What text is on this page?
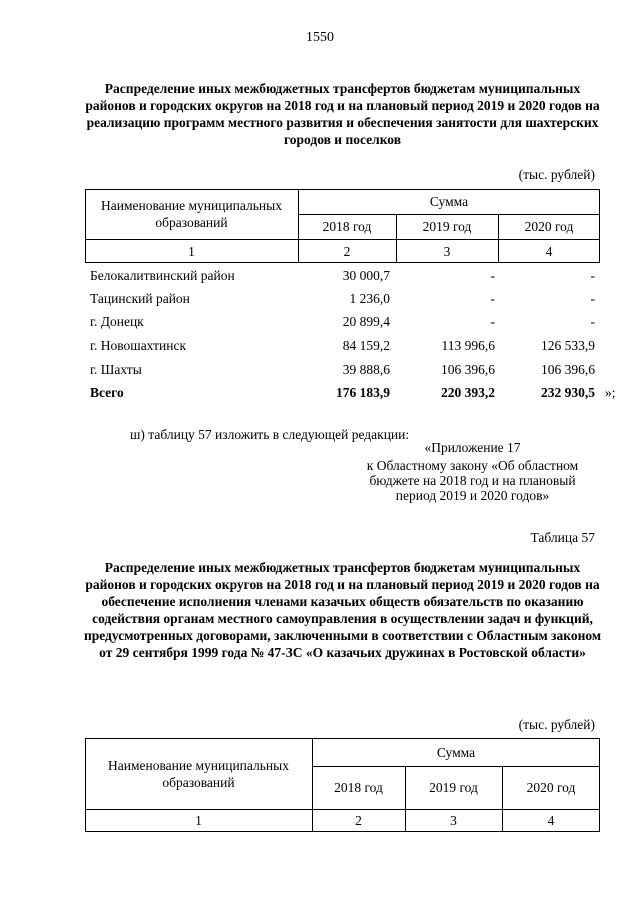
1550
Распределение иных межбюджетных трансфертов бюджетам муниципальных районов и городских округов на 2018 год и на плановый период 2019 и 2020 годов на реализацию программ местного развития и обеспечения занятости для шахтерских городов и поселков
(тыс. рублей)
Наименование муниципальных образований
Сумма
2018 год	2019 год	2020 год
1	2	3	4
Белокалитвинский район	30 000,7	-	-
Тацинский район	1 236,0	-	-
г. Донецк	20 899,4	-	-
г. Новошахтинск	84 159,2	113 996,6	126 533,9
г. Шахты	39 888,6	106 396,6	106 396,6
Всего	176 183,9	220 393,2	232 930,5 »;
ш) таблицу 57 изложить в следующей редакции:
«Приложение 17
к Областному закону «Об областном
бюджете на 2018 год и на плановый
период 2019 и 2020 годов»
Таблица 57
Распределение иных межбюджетных трансфертов бюджетам муниципальных районов и городских округов на 2018 год и на плановый период 2019 и 2020 годов на обеспечение исполнения членами казачьих обществ обязательств по оказанию содействия органам местного самоуправления в осуществлении задач и функций, предусмотренных договорами, заключенными в соответствии с Областным законом от 29 сентября 1999 года № 47-ЗС «О казачьих дружинах в Ростовской области»
(тыс. рублей)
Наименование муниципальных образований
Сумма
2018 год	2019 год	2020 год
1	2	3	4
